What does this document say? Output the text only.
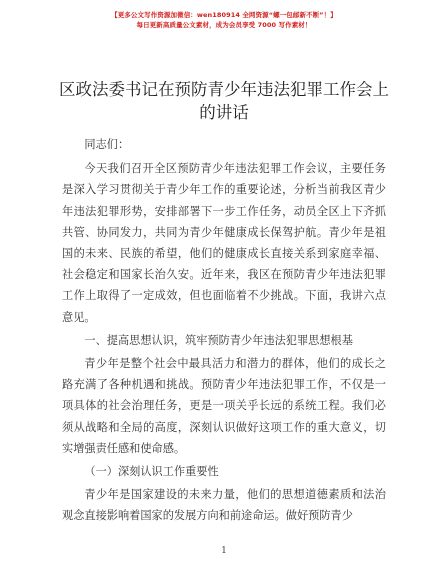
【更多公文写作资源加微信：wen180914 全网资源“螺一包邮新不断”！】
每日更新高质量公文素材，成为会员享受 7000 写作素材！
区政法委书记在预防青少年违法犯罪工作会上的讲话

同志们：

今天我们召开全区预防青少年违法犯罪工作会议，主要任务是深入学习贯彻关于青少年工作的重要论述，分析当前我区青少年违法犯罪形势，安排部署下一步工作任务，动员全区上下齐抓共管、协同发力，共同为青少年健康成长保驾护航。青少年是祖国的未来、民族的希望，他们的健康成长直接关系到家庭幸福、社会稳定和国家长治久安。近年来，我区在预防青少年违法犯罪工作上取得了一定成效，但也面临着不少挑战。下面，我讲六点意见。

一、提高思想认识，筑牢预防青少年违法犯罪思想根基

青少年是整个社会中最具活力和潜力的群体，他们的成长之路充满了各种机遇和挑战。预防青少年违法犯罪工作，不仅是一项具体的社会治理任务，更是一项关乎长远的系统工程。我们必须从战略和全局的高度，深刻认识做好这项工作的重大意义，切实增强责任感和使命感。

（一）深刻认识工作重要性

青少年是国家建设的未来力量，他们的思想道德素质和法治观念直接影响着国家的发展方向和前途命运。做好预防青少

1
